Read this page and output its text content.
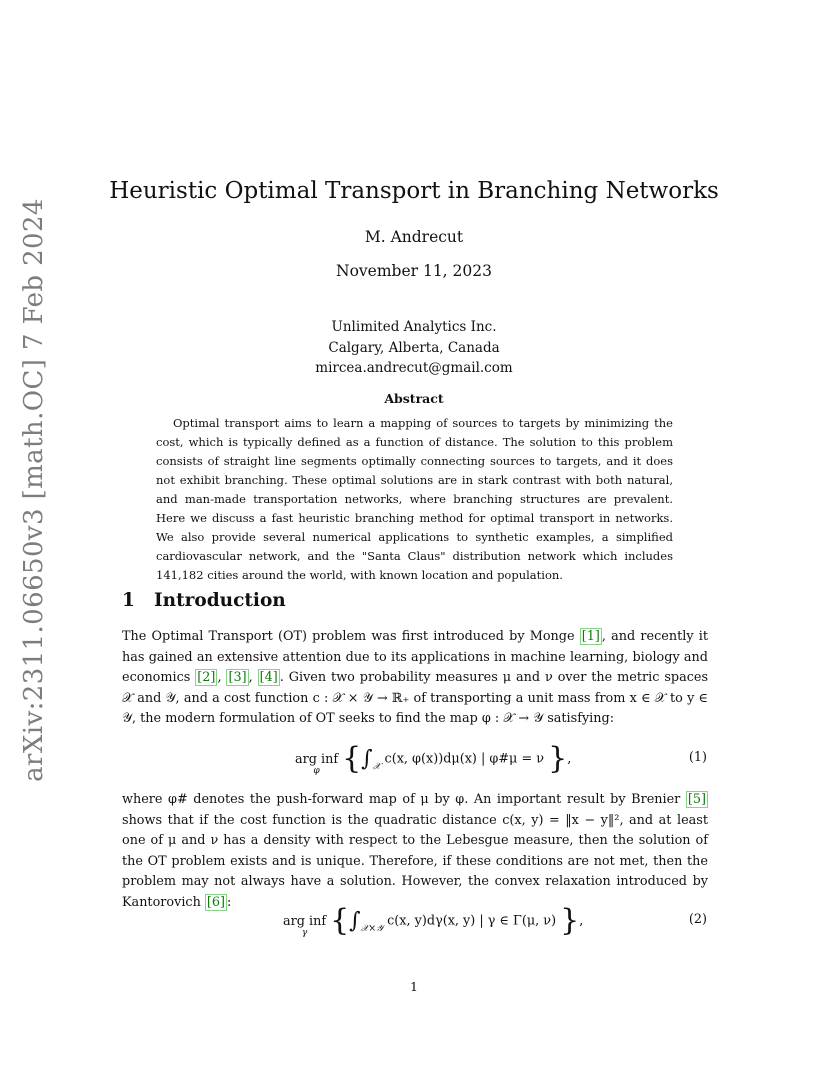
arXiv:2311.06650v3 [math.OC] 7 Feb 2024
Heuristic Optimal Transport in Branching Networks
M. Andrecut
November 11, 2023
Unlimited Analytics Inc.
Calgary, Alberta, Canada
mircea.andrecut@gmail.com
Abstract
Optimal transport aims to learn a mapping of sources to targets by minimizing the cost, which is typically defined as a function of distance. The solution to this problem consists of straight line segments optimally connecting sources to targets, and it does not exhibit branching. These optimal solutions are in stark contrast with both natural, and man-made transportation networks, where branching structures are prevalent. Here we discuss a fast heuristic branching method for optimal transport in networks. We also provide several numerical applications to synthetic examples, a simplified cardiovascular network, and the "Santa Claus" distribution network which includes 141,182 cities around the world, with known location and population.
1 Introduction
The Optimal Transport (OT) problem was first introduced by Monge [1] , and recently it has gained an extensive attention due to its applications in machine learning, biology and economics [2] , [3] , [4] . Given two probability measures μ and ν over the metric spaces 𝒳 and 𝒴, and a cost function c : 𝒳 × 𝒴 → ℝ₊ of transporting a unit mass from x ∈ 𝒳 to y ∈ 𝒴, the modern formulation of OT seeks to find the map φ : 𝒳 → 𝒴 satisfying:
arg inf
φ {$\int_𝒳$ c(x, φ(x))dμ(x) | φ#μ = ν },	(1)
where φ# denotes the push-forward map of μ by φ. An important result by Brenier [5] shows that if the cost function is the quadratic distance c(x, y) = ‖x − y‖², and at least one of μ and ν has a density with respect to the Lebesgue measure, then the solution of the OT problem exists and is unique. Therefore, if these conditions are not met, then the problem may not always have a solution. However, the convex relaxation introduced by Kantorovich [6] :
arg inf
γ {$\int_{𝒳\times 𝒴}$ c(x, y)dγ(x, y) | γ ∈ Γ(μ, ν) },	(2)
1
